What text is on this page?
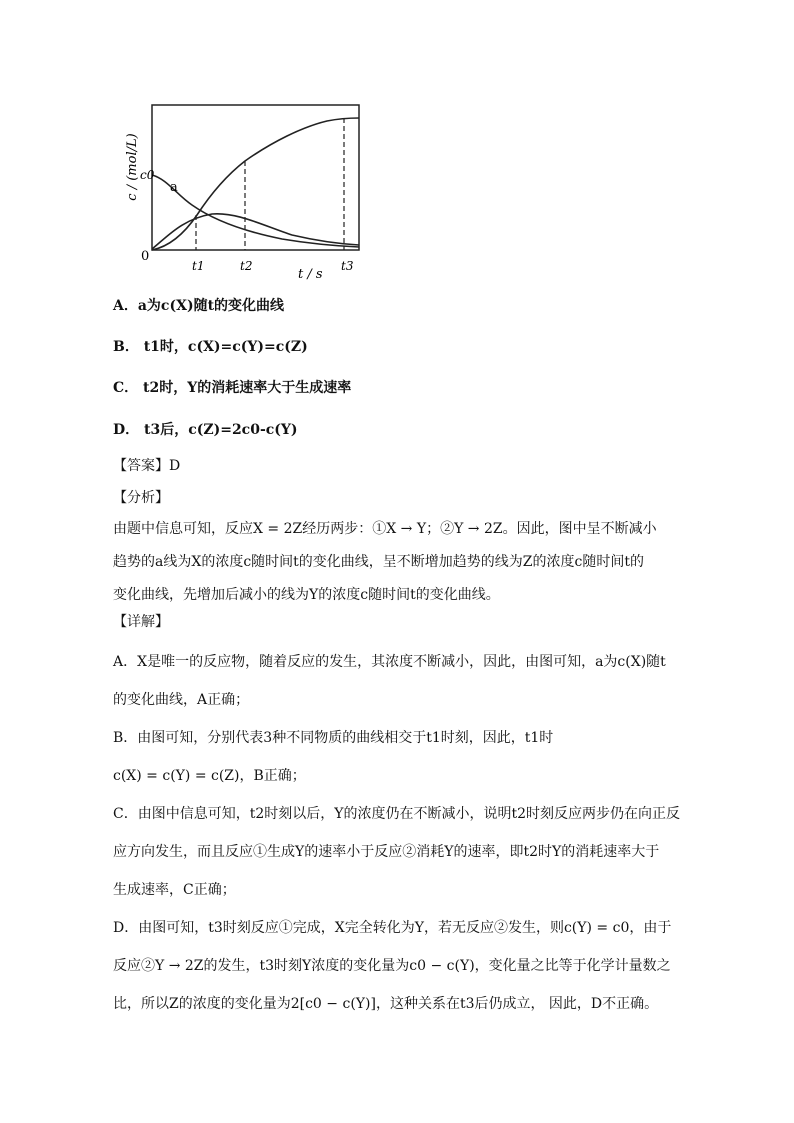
c / (mol/L) c0
a
0
t1	t2	t3
t / s
A．a为c(X)随t的变化曲线
B． t1时，c(X)=c(Y)=c(Z)
C． t2时，Y的消耗速率大于生成速率
D． t3后，c(Z)=2c0-c(Y)
【答案】D
【分析】
由题中信息可知，反应X = 2Z经历两步：①X → Y；②Y → 2Z。因此，图中呈不断减小
趋势的a线为X的浓度c随时间t的变化曲线，呈不断增加趋势的线为Z的浓度c随时间t的
变化曲线，先增加后减小的线为Y的浓度c随时间t的变化曲线。
【详解】
A．X是唯一的反应物，随着反应的发生，其浓度不断减小，因此，由图可知，a为c(X)随t
的变化曲线，A正确；
B．由图可知，分别代表3种不同物质的曲线相交于t1时刻，因此，t1时
c(X) = c(Y) = c(Z)，B正确；
C．由图中信息可知，t2时刻以后，Y的浓度仍在不断减小，说明t2时刻反应两步仍在向正反
应方向发生，而且反应①生成Y的速率小于反应②消耗Y的速率，即t2时Y的消耗速率大于
生成速率，C正确；
D．由图可知，t3时刻反应①完成，X完全转化为Y，若无反应②发生，则c(Y) = c0，由于
反应②Y → 2Z的发生，t3时刻Y浓度的变化量为c0 − c(Y)，变化量之比等于化学计量数之
比，所以Z的浓度的变化量为2[c0 − c(Y)]，这种关系在t3后仍成立， 因此，D不正确。
